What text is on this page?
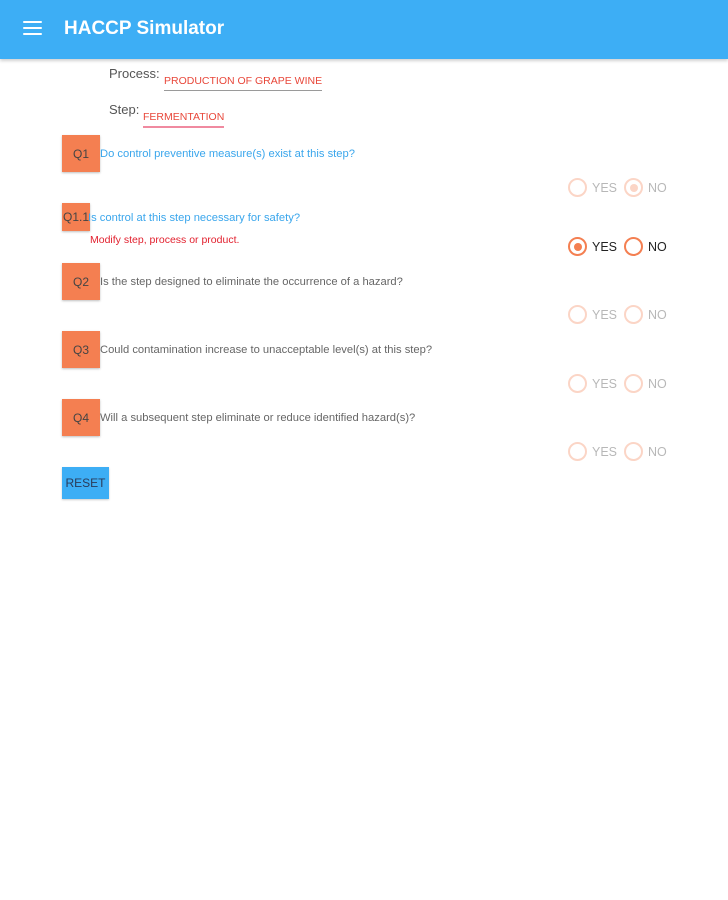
HACCP Simulator
Process: PRODUCTION OF GRAPE WINE
Step: FERMENTATION
Q1 Do control preventive measure(s) exist at this step?
YES NO
Q1.1 Is control at this step necessary for safety?
Modify step, process or product.	YES NO
Q2 Is the step designed to eliminate the occurrence of a hazard?
YES NO
Q3 Could contamination increase to unacceptable level(s) at this step?
YES NO
Q4 Will a subsequent step eliminate or reduce identified hazard(s)?
YES NO
RESET
